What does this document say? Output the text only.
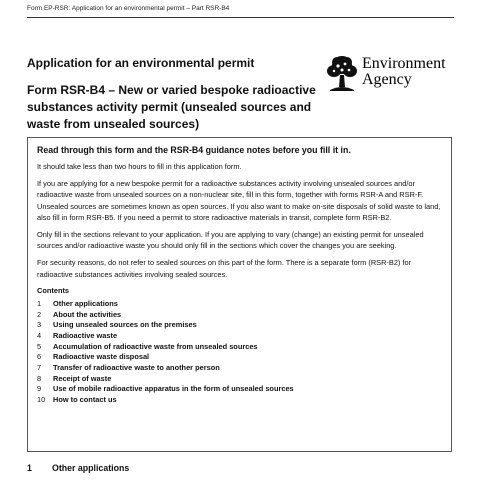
Form EP-RSR: Application for an environmental permit – Part RSR-B4
Application for an environmental permit
Form RSR-B4 – New or varied bespoke radioactive substances activity permit (unsealed sources and waste from unsealed sources)
Environment
Agency
Read through this form and the RSR-B4 guidance notes before you fill it in.

It should take less than two hours to fill in this application form.

If you are applying for a new bespoke permit for a radioactive substances activity involving unsealed sources and/or radioactive waste from unsealed sources on a non-nuclear site, fill in this form, together with forms RSR-A and RSR-F. Unsealed sources are sometimes known as open sources. If you also want to make on-site disposals of solid waste to land, also fill in form RSR-B5. If you need a permit to store radioactive materials in transit, complete form RSR-B2.

Only fill in the sections relevant to your application. If you are applying to vary (change) an existing permit for unsealed sources and/or radioactive waste you should only fill in the sections which cover the changes you are seeking.

For security reasons, do not refer to sealed sources on this part of the form. There is a separate form (RSR-B2) for radioactive substances activities involving sealed sources.

Contents
1	Other applications
2	About the activities
3	Using unsealed sources on the premises
4	Radioactive waste
5	Accumulation of radioactive waste from unsealed sources
6	Radioactive waste disposal
7	Transfer of radioactive waste to another person
8	Receipt of waste
9	Use of mobile radioactive apparatus in the form of unsealed sources
10	How to contact us
1	Other applications
